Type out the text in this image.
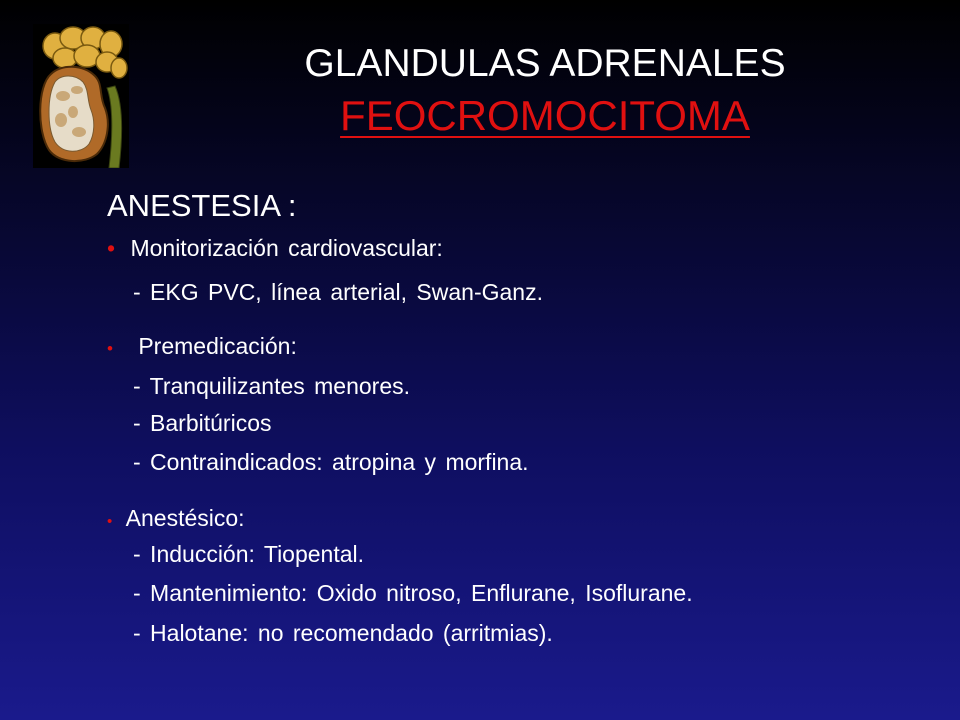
GLANDULAS ADRENALES
FEOCROMOCITOMA
ANESTESIA :
• Monitorización cardiovascular:
- EKG PVC, línea arterial, Swan-Ganz.
• Premedicación:
- Tranquilizantes menores.
- Barbitúricos
- Contraindicados: atropina y morfina.
• Anestésico:
- Inducción: Tiopental.
- Mantenimiento: Oxido nitroso, Enflurane, Isoflurane.
- Halotane: no recomendado (arritmias).
